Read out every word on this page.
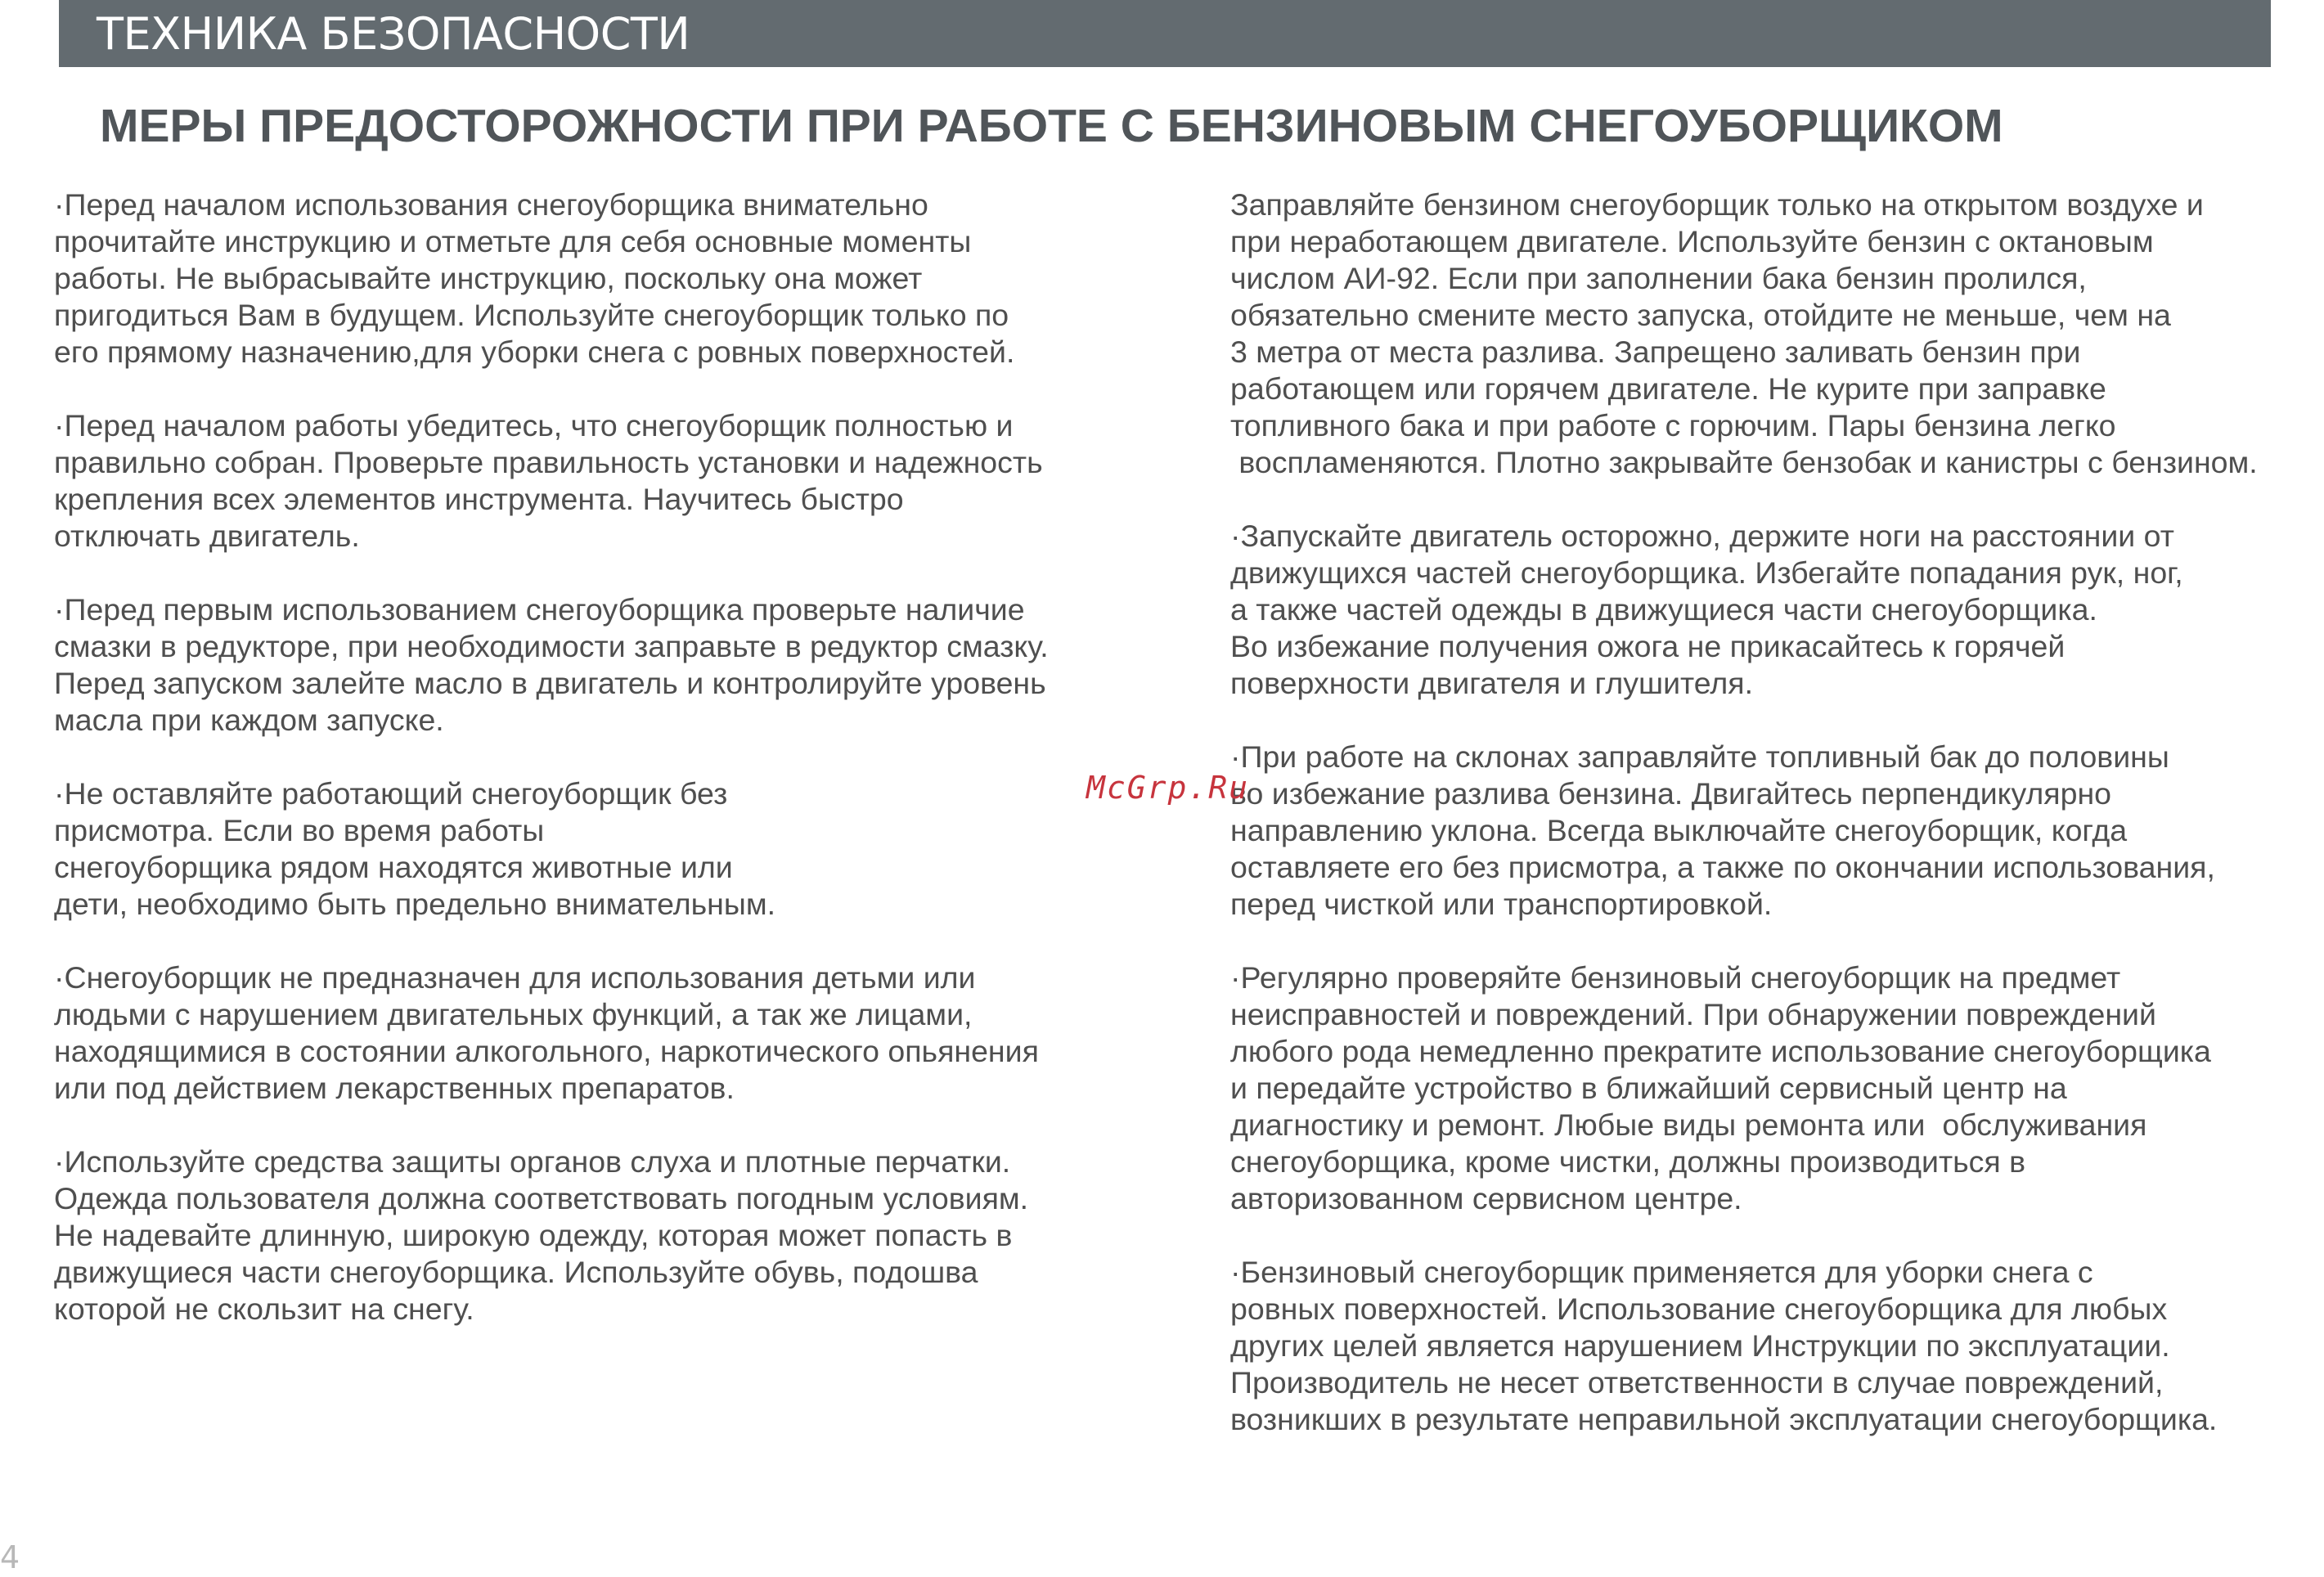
ТЕХНИКА БЕЗОПАСНОСТИ
МЕРЫ ПРЕДОСТОРОЖНОСТИ ПРИ РАБОТЕ С БЕНЗИНОВЫМ СНЕГОУБОРЩИКОМ
·Перед началом использования снегоуборщика внимательно
прочитайте инструкцию и отметьте для себя основные моменты
работы. Не выбрасывайте инструкцию, поскольку она может
пригодиться Вам в будущем. Используйте снегоуборщик только по
его прямому назначению,для уборки снега с ровных поверхностей.
·Перед началом работы убедитесь, что снегоуборщик полностью и
правильно собран. Проверьте правильность установки и надежность
крепления всех элементов инструмента. Научитесь быстро
отключать двигатель.
·Перед первым использованием снегоуборщика проверьте наличие
смазки в редукторе, при необходимости заправьте в редуктор смазку.
Перед запуском залейте масло в двигатель и контролируйте уровень
масла при каждом запуске.
·Не оставляйте работающий снегоуборщик без
присмотра. Если во время работы
снегоуборщика рядом находятся животные или
дети, необходимо быть предельно внимательным.
·Снегоуборщик не предназначен для использования детьми или
людьми с нарушением двигательных функций, а так же лицами,
находящимися в состоянии алкогольного, наркотического опьянения
или под действием лекарственных препаратов.
·Используйте средства защиты органов слуха и плотные перчатки.
Одежда пользователя должна соответствовать погодным условиям.
Не надевайте длинную, широкую одежду, которая может попасть в
движущиеся части снегоуборщика. Используйте обувь, подошва
которой не скользит на снегу.
Заправляйте бензином снегоуборщик только на открытом воздухе и
при неработающем двигателе. Используйте бензин с октановым
числом АИ-92. Если при заполнении бака бензин пролился,
обязательно смените место запуска, отойдите не меньше, чем на
3 метра от места разлива. Запрещено заливать бензин при
работающем или горячем двигателе. Не курите при заправке
топливного бака и при работе с горючим. Пары бензина легко
воспламеняются. Плотно закрывайте бензобак и канистры с бензином.
·Запускайте двигатель осторожно, держите ноги на расстоянии от
движущихся частей снегоуборщика. Избегайте попадания рук, ног,
а также частей одежды в движущиеся части снегоуборщика.
Во избежание получения ожога не прикасайтесь к горячей
поверхности двигателя и глушителя.
·При работе на склонах заправляйте топливный бак до половины
во избежание разлива бензина. Двигайтесь перпендикулярно
направлению уклона. Всегда выключайте снегоуборщик, когда
оставляете его без присмотра, а также по окончании использования,
перед чисткой или транспортировкой.
·Регулярно проверяйте бензиновый снегоуборщик на предмет
неисправностей и повреждений. При обнаружении повреждений
любого рода немедленно прекратите использование снегоуборщика
и передайте устройство в ближайший сервисный центр на
диагностику и ремонт. Любые виды ремонта или  обслуживания
снегоуборщика, кроме чистки, должны производиться в
авторизованном сервисном центре.
·Бензиновый снегоуборщик применяется для уборки снега с
ровных поверхностей. Использование снегоуборщика для любых
других целей является нарушением Инструкции по эксплуатации.
Производитель не несет ответственности в случае повреждений,
возникших в результате неправильной эксплуатации снегоуборщика.
McGrp.Ru
4
